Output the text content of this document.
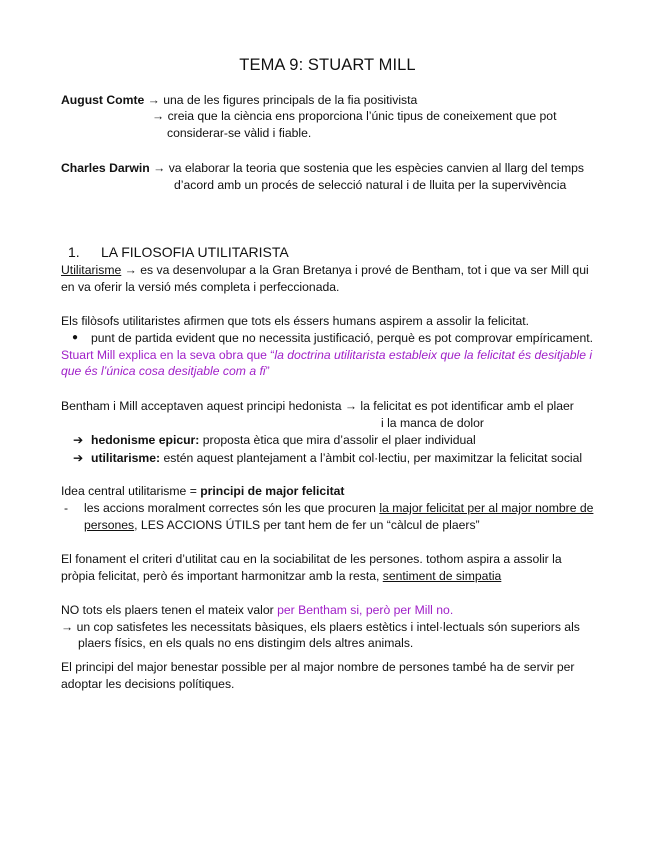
TEMA 9: STUART MILL
August Comte → una de les figures principals de la fia positivista
→ creia que la ciència ens proporciona l’únic tipus de coneixement que pot
considerar-se vàlid i fiable.
Charles Darwin → va elaborar la teoria que sostenia que les espècies canvien al llarg del temps
d’acord amb un procés de selecció natural i de lluita per la supervivència
1. LA FILOSOFIA UTILITARISTA
Utilitarisme → es va desenvolupar a la Gran Bretanya i prové de Bentham, tot i que va ser Mill qui
en va oferir la versió més completa i perfeccionada.
Els filòsofs utilitaristes afirmen que tots els éssers humans aspirem a assolir la felicitat.
● punt de partida evident que no necessita justificació, perquè es pot comprovar empíricament.
Stuart Mill explica en la seva obra que “la doctrina utilitarista estableix que la felicitat és desitjable i
que és l’única cosa desitjable com a fi”
Bentham i Mill acceptaven aquest principi hedonista → la felicitat es pot identificar amb el plaer
i la manca de dolor
➔ hedonisme epicur: proposta ètica que mira d’assolir el plaer individual
➔ utilitarisme: estén aquest plantejament a l’àmbit col·lectiu, per maximitzar la felicitat social
Idea central utilitarisme = principi de major felicitat
- les accions moralment correctes són les que procuren la major felicitat per al major nombre de
persones, LES ACCIONS ÚTILS per tant hem de fer un “càlcul de plaers”
El fonament el criteri d’utilitat cau en la sociabilitat de les persones. tothom aspira a assolir la
pròpia felicitat, però és important harmonitzar amb la resta, sentiment de simpatia
NO tots els plaers tenen el mateix valor per Bentham si, però per Mill no.
→ un cop satisfetes les necessitats bàsiques, els plaers estètics i intel·lectuals són superiors als
plaers físics, en els quals no ens distingim dels altres animals.
El principi del major benestar possible per al major nombre de persones també ha de servir per
adoptar les decisions polítiques.
